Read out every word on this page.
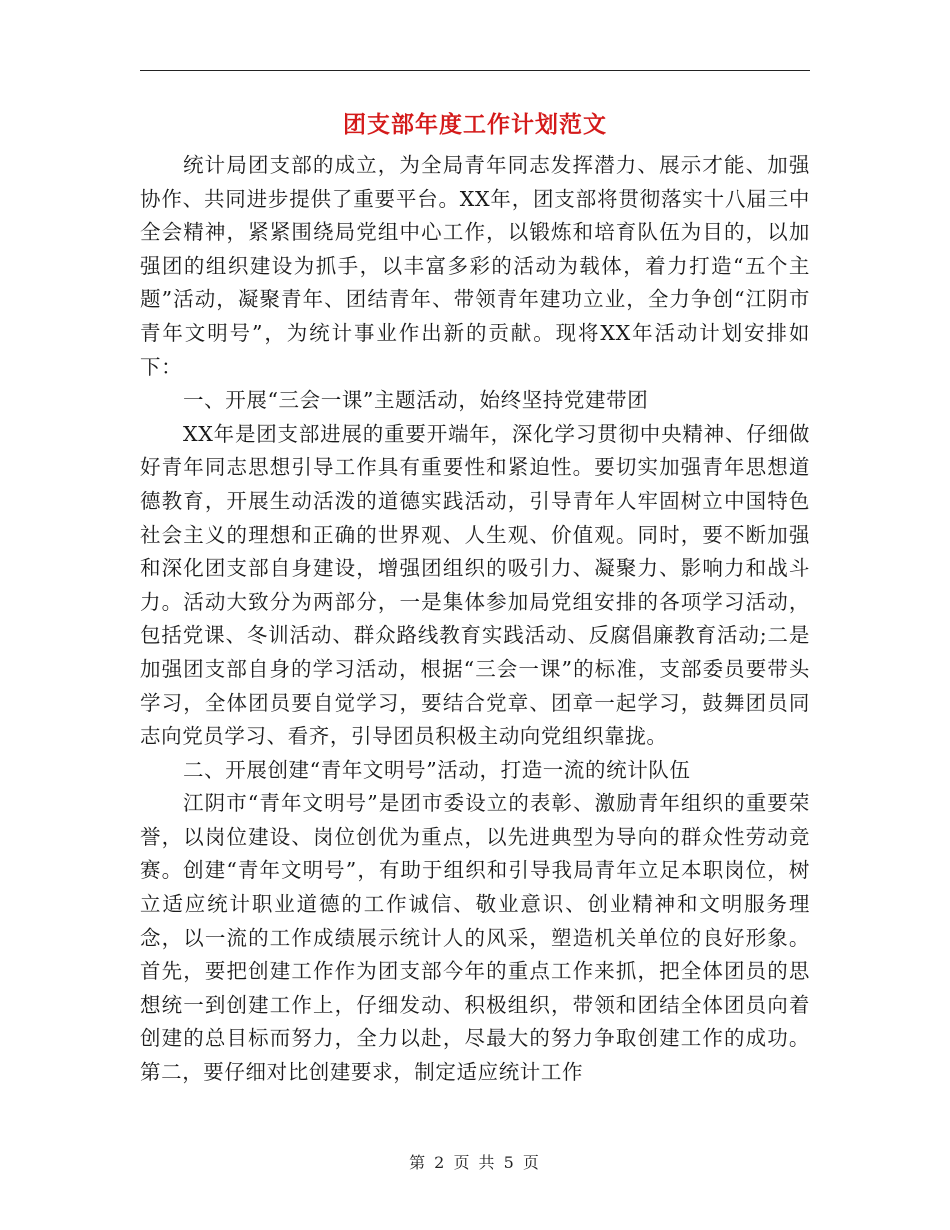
团支部年度工作计划范文

统计局团支部的成立，为全局青年同志发挥潜力、展示才能、加强协作、共同进步提供了重要平台。XX年，团支部将贯彻落实十八届三中全会精神，紧紧围绕局党组中心工作，以锻炼和培育队伍为目的，以加强团的组织建设为抓手，以丰富多彩的活动为载体，着力打造“五个主题”活动，凝聚青年、团结青年、带领青年建功立业，全力争创“江阴市青年文明号”，为统计事业作出新的贡献。现将XX年活动计划安排如下：

一、开展“三会一课”主题活动，始终坚持党建带团

XX年是团支部进展的重要开端年，深化学习贯彻中央精神、仔细做好青年同志思想引导工作具有重要性和紧迫性。要切实加强青年思想道德教育，开展生动活泼的道德实践活动，引导青年人牢固树立中国特色社会主义的理想和正确的世界观、人生观、价值观。同时，要不断加强和深化团支部自身建设，增强团组织的吸引力、凝聚力、影响力和战斗力。活动大致分为两部分，一是集体参加局党组安排的各项学习活动，包括党课、冬训活动、群众路线教育实践活动、反腐倡廉教育活动;二是加强团支部自身的学习活动，根据“三会一课”的标准，支部委员要带头学习，全体团员要自觉学习，要结合党章、团章一起学习，鼓舞团员同志向党员学习、看齐，引导团员积极主动向党组织靠拢。

二、开展创建“青年文明号”活动，打造一流的统计队伍

江阴市“青年文明号”是团市委设立的表彰、激励青年组织的重要荣誉，以岗位建设、岗位创优为重点，以先进典型为导向的群众性劳动竞赛。创建“青年文明号”，有助于组织和引导我局青年立足本职岗位，树立适应统计职业道德的工作诚信、敬业意识、创业精神和文明服务理念，以一流的工作成绩展示统计人的风采，塑造机关单位的良好形象。首先，要把创建工作作为团支部今年的重点工作来抓，把全体团员的思想统一到创建工作上，仔细发动、积极组织，带领和团结全体团员向着创建的总目标而努力，全力以赴，尽最大的努力争取创建工作的成功。第二，要仔细对比创建要求，制定适应统计工作

第 2 页 共 5 页
